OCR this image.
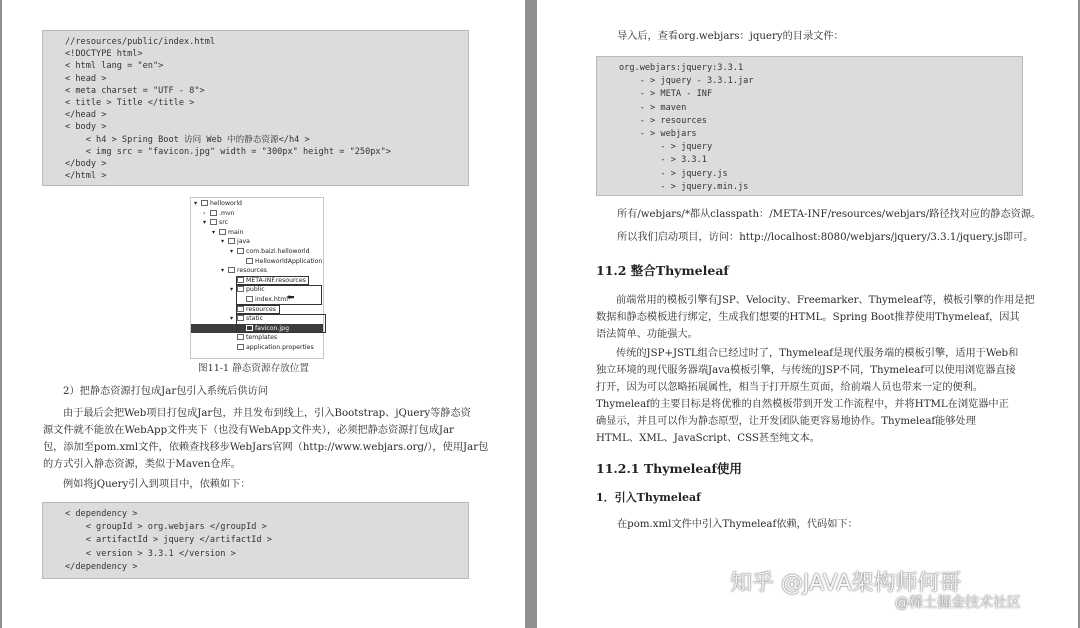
//resources/public/index.html
<!DOCTYPE html>
< html lang = "en">
< head >
< meta charset = "UTF - 8">
< title > Title </title >
</head >
< body >
< h4 > Spring Boot 访问 Web 中的静态资源</h4 >
< img src = "favicon.jpg" width = "300px" height = "250px">
</body >
</html >
▾ helloworld
› .mvn
▾ src
▾ main
▾ java
▾ com.baizi.helloworld
HelloworldApplication
▾ resources
META-INF.resources
▾ public
index.html
resources
▾ static
favicon.jpg
templates
application.properties
⬅
图11-1 静态资源存放位置
2）把静态资源打包成Jar包引入系统后供访问
由于最后会把Web项目打包成Jar包，并且发布到线上，引入Bootstrap、jQuery等静态资
源文件就不能放在WebApp文件夹下（也没有WebApp文件夹），必须把静态资源打包成Jar
包，添加至pom.xml文件，依赖查找移步WebJars官网（http://www.webjars.org/），使用Jar包
的方式引入静态资源，类似于Maven仓库。
例如将jQuery引入到项目中，依赖如下：
< dependency >
< groupId > org.webjars </groupId >
< artifactId > jquery </artifactId >
< version > 3.3.1 </version >
</dependency >
导入后，查看org.webjars：jquery的目录文件：
org.webjars:jquery:3.3.1
- > jquery - 3.3.1.jar
- > META - INF
- > maven
- > resources
- > webjars
- > jquery
- > 3.3.1
- > jquery.js
- > jquery.min.js
所有/webjars/*都从classpath：/META-INF/resources/webjars/路径找对应的静态资源。
所以我们启动项目，访问：http://localhost:8080/webjars/jquery/3.3.1/jquery.js即可。
11.2 整合Thymeleaf
前端常用的模板引擎有JSP、Velocity、Freemarker、Thymeleaf等，模板引擎的作用是把
数据和静态模板进行绑定，生成我们想要的HTML。Spring Boot推荐使用Thymeleaf，因其
语法简单、功能强大。
传统的JSP+JSTL组合已经过时了，Thymeleaf是现代服务端的模板引擎，适用于Web和
独立环境的现代服务器端Java模板引擎，与传统的JSP不同，Thymeleaf可以使用浏览器直接
打开，因为可以忽略拓展属性，相当于打开原生页面，给前端人员也带来一定的便利。
Thymeleaf的主要目标是将优雅的自然模板带到开发工作流程中，并将HTML在浏览器中正
确显示，并且可以作为静态原型，让开发团队能更容易地协作。Thymeleaf能够处理
HTML、XML、JavaScript、CSS甚至纯文本。
11.2.1 Thymeleaf使用
1．引入Thymeleaf
在pom.xml文件中引入Thymeleaf依赖，代码如下：
知乎 @JAVA架构师何哥
@稀土掘金技术社区
